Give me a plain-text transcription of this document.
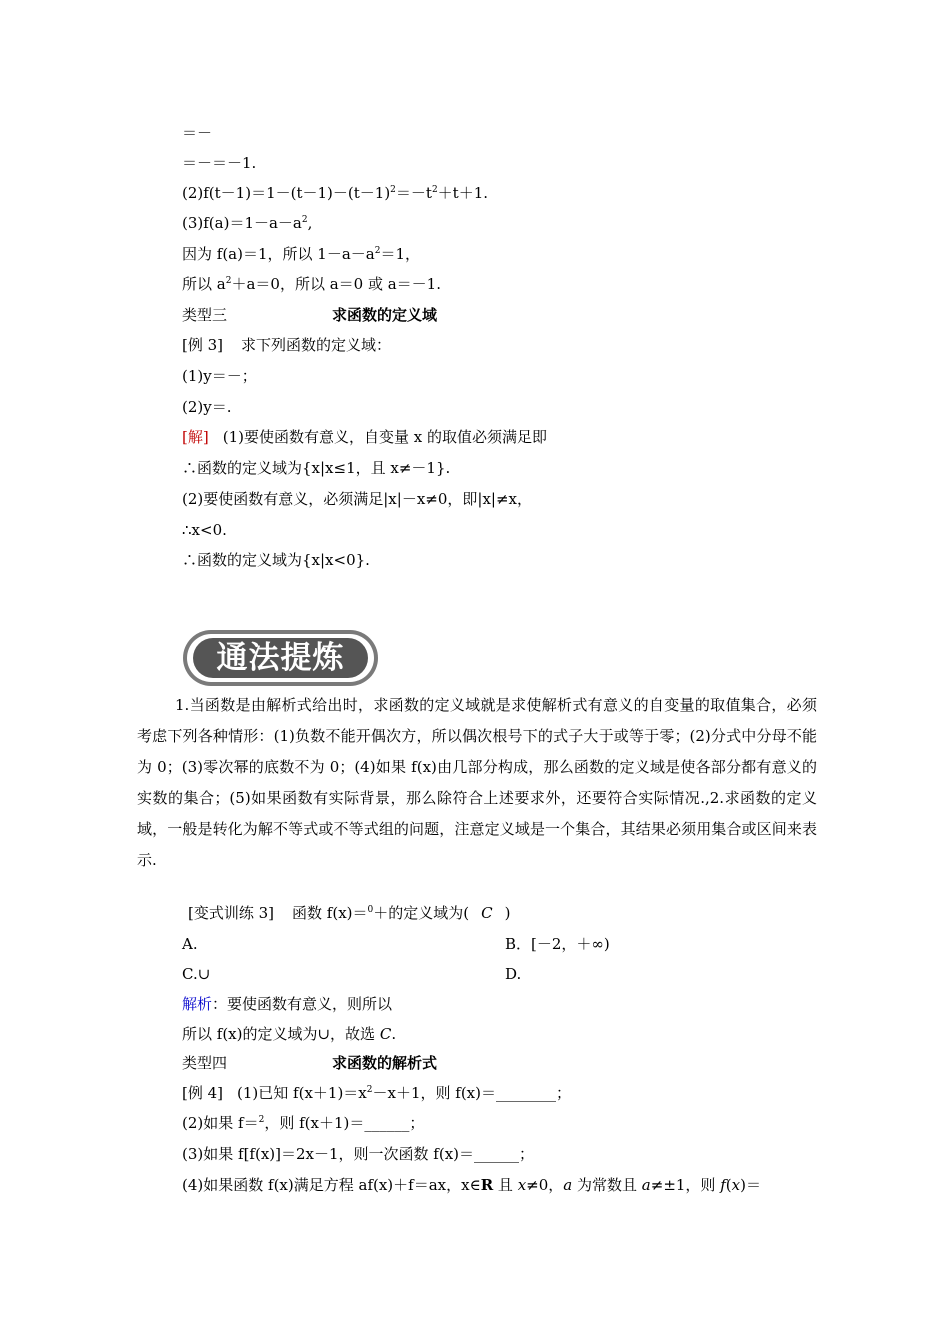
＝－
＝－＝－1.
$(2)f(t-1)=1-(t-1)-(t-1)^2=-t^2+t+1$.
$(3)f(a)=1-a-a^2$,
因为 f(a)＝1，所以 $1-a-a^2=1$，
所以 $a^2+a=0$，所以 a＝0 或 a＝－1.
类型三	求函数的定义域
[例 3] 求下列函数的定义域：
(1)y＝－；
(2)y＝.
[解] (1)要使函数有意义，自变量 x 的取值必须满足即
∴函数的定义域为{x|x≤1，且 x≠－1}.
(2)要使函数有意义，必须满足|x|－x≠0，即|x|≠x，
∴x<0.
∴函数的定义域为{x|x<0}.
通法提炼

1.当函数是由解析式给出时，求函数的定义域就是求使解析式有意义的自变量的取值集合，必须考虑下列各种情形：(1)负数不能开偶次方，所以偶次根号下的式子大于或等于零；(2)分式中分母不能为 0；(3)零次幂的底数不为 0；(4)如果 f(x)由几部分构成，那么函数的定义域是使各部分都有意义的实数的集合；(5)如果函数有实际背景，那么除符合上述要求外，还要符合实际情况.,2.求函数的定义域，一般是转化为解不等式或不等式组的问题，注意定义域是一个集合，其结果必须用集合或区间来表示.

[变式训练 3] 函数 f(x)＝$^0$＋的定义域为( C )
A.	B．[－2，＋∞)
C.∪	D.
解析：要使函数有意义，则所以
所以 f(x)的定义域为∪，故选 C.
类型四	求函数的解析式
[例 4] (1)已知 $f(x+1)=x^2-x+1$，则 f(x)＝________；
(2)如果 f＝$^2$，则 f(x＋1)＝______；
(3)如果 f[f(x)]＝2x－1，则一次函数 f(x)＝______；
(4)如果函数 f(x)满足方程 af(x)＋f＝ax，x∈R 且 x≠0，a 为常数且 a≠±1，则 f(x)＝
